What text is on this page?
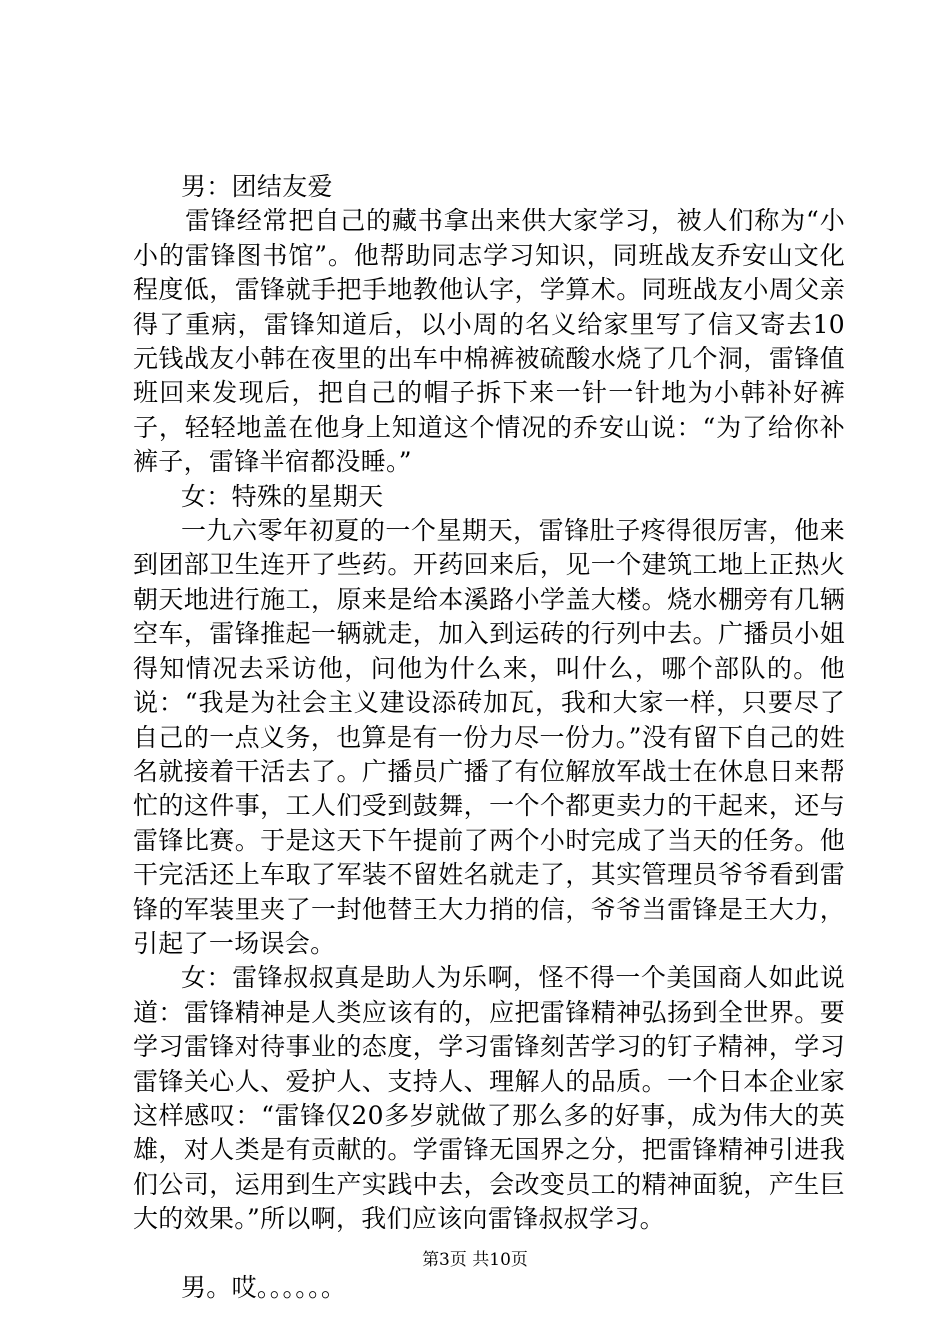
男：团结友爱

雷锋经常把自己的藏书拿出来供大家学习，被人们称为“小小的雷锋图书馆”。他帮助同志学习知识，同班战友乔安山文化程度低，雷锋就手把手地教他认字，学算术。同班战友小周父亲得了重病，雷锋知道后，以小周的名义给家里写了信又寄去10元钱战友小韩在夜里的出车中棉裤被硫酸水烧了几个洞，雷锋值班回来发现后，把自己的帽子拆下来一针一针地为小韩补好裤子，轻轻地盖在他身上知道这个情况的乔安山说：“为了给你补裤子，雷锋半宿都没睡。”

女：特殊的星期天

一九六零年初夏的一个星期天，雷锋肚子疼得很厉害，他来到团部卫生连开了些药。开药回来后，见一个建筑工地上正热火朝天地进行施工，原来是给本溪路小学盖大楼。烧水棚旁有几辆空车，雷锋推起一辆就走，加入到运砖的行列中去。广播员小姐得知情况去采访他，问他为什么来，叫什么，哪个部队的。他说：“我是为社会主义建设添砖加瓦，我和大家一样，只要尽了自己的一点义务，也算是有一份力尽一份力。”没有留下自己的姓名就接着干活去了。广播员广播了有位解放军战士在休息日来帮忙的这件事，工人们受到鼓舞，一个个都更卖力的干起来，还与雷锋比赛。于是这天下午提前了两个小时完成了当天的任务。他干完活还上车取了军装不留姓名就走了，其实管理员爷爷看到雷锋的军装里夹了一封他替王大力捎的信，爷爷当雷锋是王大力，引起了一场误会。

女：雷锋叔叔真是助人为乐啊，怪不得一个美国商人如此说道：雷锋精神是人类应该有的，应把雷锋精神弘扬到全世界。要学习雷锋对待事业的态度，学习雷锋刻苦学习的钉子精神，学习雷锋关心人、爱护人、支持人、理解人的品质。一个日本企业家这样感叹：“雷锋仅20多岁就做了那么多的好事，成为伟大的英雄，对人类是有贡献的。学雷锋无国界之分，把雷锋精神引进我们公司，运用到生产实践中去，会改变员工的精神面貌，产生巨大的效果。”所以啊，我们应该向雷锋叔叔学习。

男。哎。。。。。。

第3页 共10页
